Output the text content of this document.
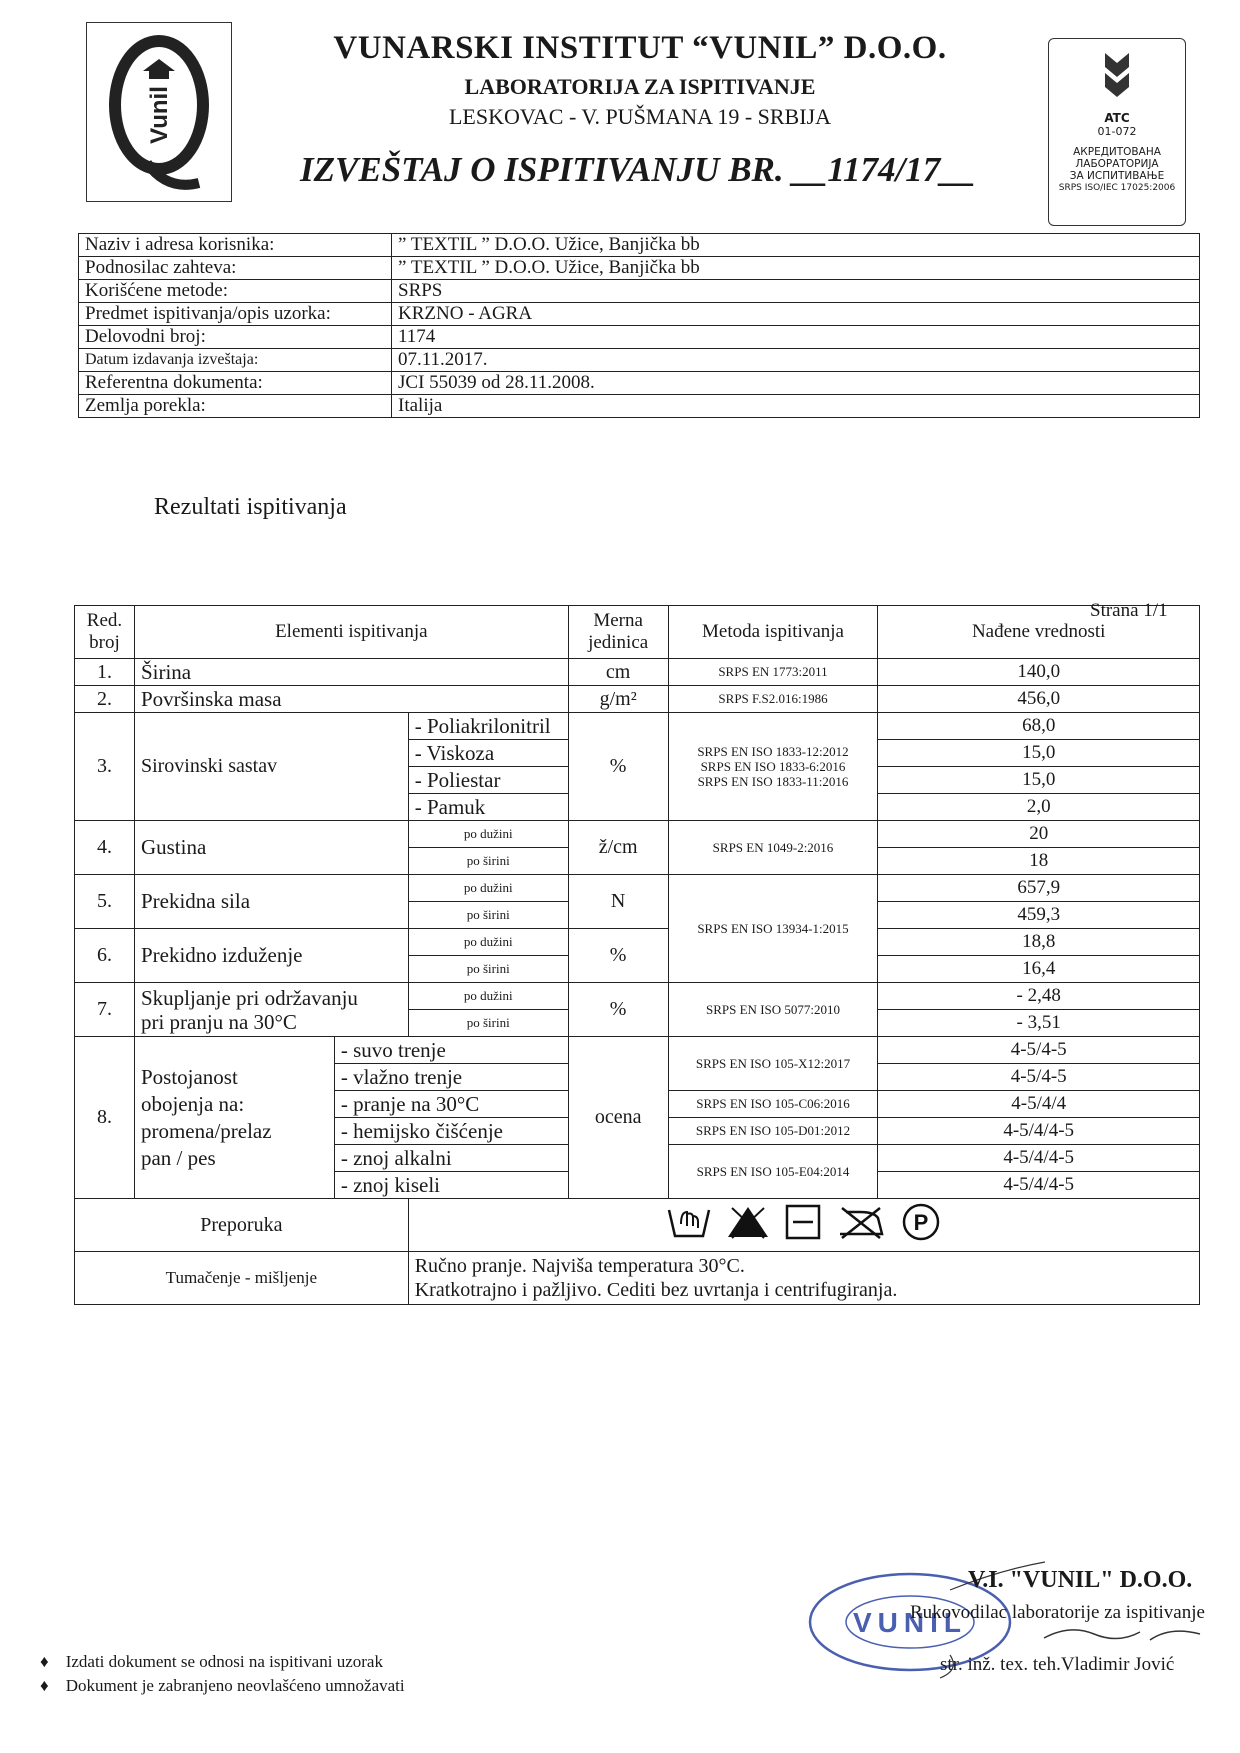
Vunil
VUNARSKI INSTITUT “VUNIL” D.O.O.
LABORATORIJA ZA ISPITIVANJE
LESKOVAC - V. PUŠMANA 19 - SRBIJA
IZVEŠTAJ O ISPITIVANJU BR. __1174/17__
ATC
01-072
АКРЕДИТОВАНА
ЛАБОРАТОРИЈА
ЗА ИСПИТИВАЊЕ
SRPS ISO/IEC 17025:2006
Naziv i adresa korisnika:	” TEXTIL ” D.O.O. Užice, Banjička bb
Podnosilac zahteva:	” TEXTIL ” D.O.O. Užice, Banjička bb
Korišćene metode:	SRPS
Predmet ispitivanja/opis uzorka:	KRZNO - AGRA
Delovodni broj:	1174
Datum izdavanja izveštaja:	07.11.2017.
Referentna dokumenta:	JCI 55039 od 28.11.2008.
Zemlja porekla:	Italija
Rezultati ispitivanja
Strana 1/1
Red. broj	Elementi ispitivanja			Merna jedinica	Metoda ispitivanja	Nađene vrednosti
1.	Širina			cm	SRPS EN 1773:2011	140,0
2.	Površinska masa			g/m²	SRPS F.S2.016:1986	456,0
3.	Sirovinski sastav		- Poliakrilonitril	%	SRPS EN ISO 1833-12:2012
SRPS EN ISO 1833-6:2016
SRPS EN ISO 1833-11:2016	68,0
			- Viskoza			15,0
			- Poliestar			15,0
			- Pamuk			2,0
4.	Gustina		po dužini	ž/cm	SRPS EN 1049-2:2016	20
			po širini			18
5.	Prekidna sila		po dužini	N	SRPS EN ISO 13934-1:2015	657,9
			po širini			459,3
6.	Prekidno izduženje		po dužini	%		18,8
			po širini			16,4
7.	Skupljanje pri održavanju
pri pranju na 30°C		po dužini	%	SRPS EN ISO 5077:2010	- 2,48
			po širini			- 3,51
8.	Postojanost
obojenja na:
promena/prelaz
pan / pes	- suvo trenje		ocena	SRPS EN ISO 105-X12:2017	4-5/4-5
		- vlažno trenje				4-5/4-5
		- pranje na 30°C			SRPS EN ISO 105-C06:2016	4-5/4/4
		- hemijsko čišćenje			SRPS EN ISO 105-D01:2012	4-5/4/4-5
		- znoj alkalni			SRPS EN ISO 105-E04:2014	4-5/4/4-5
		- znoj kiseli				4-5/4/4-5
Preporuka			P			

Tumačenje - mišljenje			Ručno pranje. Najviša temperatura 30°C.
Kratkotrajno i pažljivo. Cediti bez uvrtanja i centrifugiranja.			
VUNIL
V.I. "VUNIL" D.O.O.
Rukovodilac laboratorije za ispitivanje
str. inž. tex. teh.Vladimir Jović
♦ Izdati dokument se odnosi na ispitivani uzorak
♦ Dokument je zabranjeno neovlašćeno umnožavati
